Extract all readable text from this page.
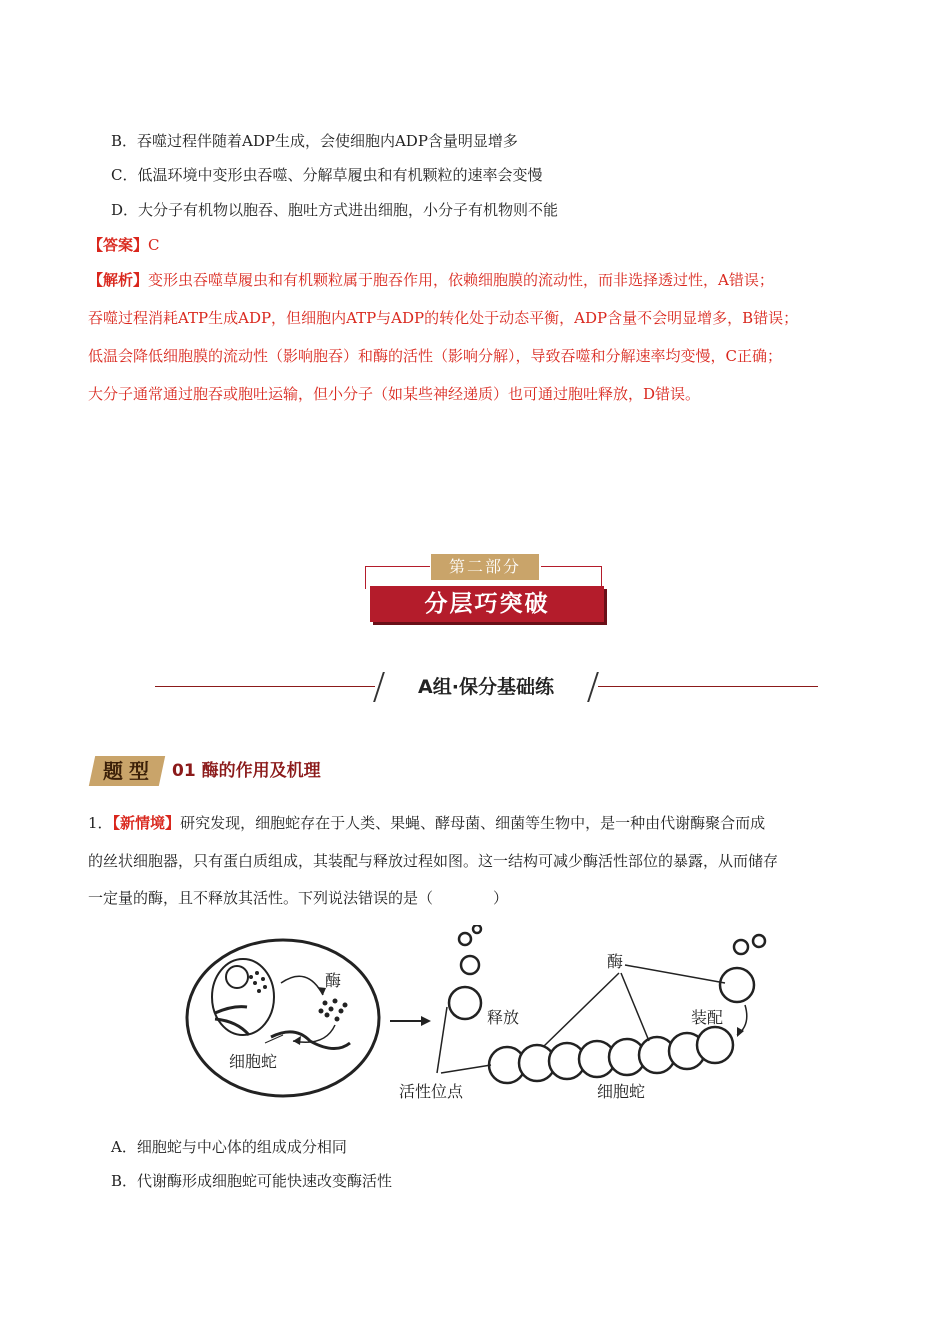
B．吞噬过程伴随着ADP生成，会使细胞内ADP含量明显增多
C．低温环境中变形虫吞噬、分解草履虫和有机颗粒的速率会变慢
D．大分子有机物以胞吞、胞吐方式进出细胞，小分子有机物则不能
【答案】C
【解析】变形虫吞噬草履虫和有机颗粒属于胞吞作用，依赖细胞膜的流动性，而非选择透过性，A错误；
吞噬过程消耗ATP生成ADP，但细胞内ATP与ADP的转化处于动态平衡，ADP含量不会明显增多，B错误；
低温会降低细胞膜的流动性（影响胞吞）和酶的活性（影响分解），导致吞噬和分解速率均变慢，C正确；
大分子通常通过胞吞或胞吐运输，但小分子（如某些神经递质）也可通过胞吐释放，D错误。
第二部分
分层巧突破
A组·保分基础练
题型	01 酶的作用及机理
1．【新情境】研究发现，细胞蛇存在于人类、果蝇、酵母菌、细菌等生物中，是一种由代谢酶聚合而成
的丝状细胞器，只有蛋白质组成，其装配与释放过程如图。这一结构可减少酶活性部位的暴露，从而储存
一定量的酶，且不释放其活性。下列说法错误的是（　　　　）
酶
细胞蛇
释放	装配
酶
活性位点	细胞蛇
A．细胞蛇与中心体的组成成分相同
B．代谢酶形成细胞蛇可能快速改变酶活性
